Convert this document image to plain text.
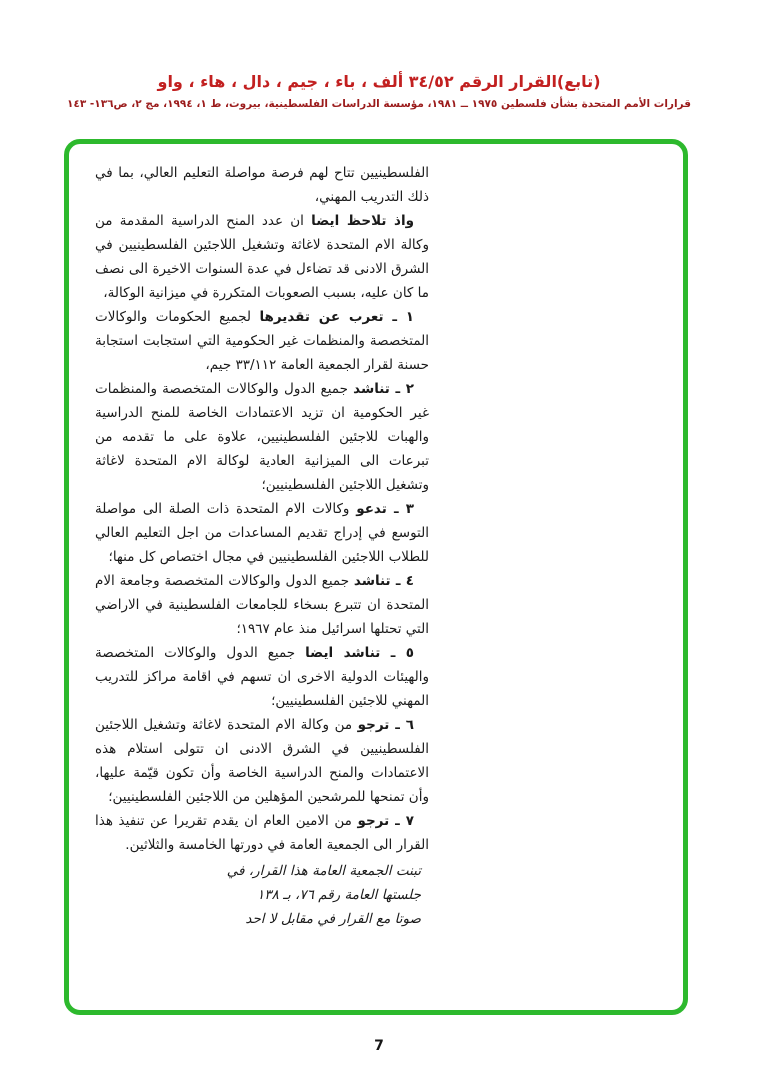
(تابع)القرار الرقم ٣٤/٥٢ ألف ، باء ، جيم ، دال ، هاء ، واو
قرارات الأمم المتحدة بشأن فلسطين ١٩٧٥ ــ ١٩٨١، مؤسسة الدراسات الفلسطينية، بيروت، ط ١، ١٩٩٤، مج ٢، ص١٣٦- ١٤٣

الفلسطينيين تتاح لهم فرصة مواصلة التعليم العالي، بما في ذلك التدريب المهني،

واذ تلاحظ ايضا ان عدد المنح الدراسية المقدمة من وكالة الام المتحدة لاغاثة وتشغيل اللاجئين الفلسطينيين في الشرق الادنى قد تضاءل في عدة السنوات الاخيرة الى نصف ما كان عليه، بسبب الصعوبات المتكررة في ميزانية الوكالة،

١ ـ تعرب عن تقديرها لجميع الحكومات والوكالات المتخصصة والمنظمات غير الحكومية التي استجابت استجابة حسنة لقرار الجمعية العامة ٣٣/١١٢ جيم،

٢ ـ تناشد جميع الدول والوكالات المتخصصة والمنظمات غير الحكومية ان تزيد الاعتمادات الخاصة للمنح الدراسية والهبات للاجئين الفلسطينيين، علاوة على ما تقدمه من تبرعات الى الميزانية العادية لوكالة الام المتحدة لاغاثة وتشغيل اللاجئين الفلسطينيين؛

٣ ـ تدعو وكالات الام المتحدة ذات الصلة الى مواصلة التوسع في إدراج تقديم المساعدات من اجل التعليم العالي للطلاب اللاجئين الفلسطينيين في مجال اختصاص كل منها؛

٤ ـ تناشد جميع الدول والوكالات المتخصصة وجامعة الام المتحدة ان تتبرع بسخاء للجامعات الفلسطينية في الاراضي التي تحتلها اسرائيل منذ عام ١٩٦٧؛

٥ ـ تناشد ايضا جميع الدول والوكالات المتخصصة والهيئات الدولية الاخرى ان تسهم في اقامة مراكز للتدريب المهني للاجئين الفلسطينيين؛

٦ ـ ترجو من وكالة الام المتحدة لاغاثة وتشغيل اللاجئين الفلسطينيين في الشرق الادنى ان تتولى استلام هذه الاعتمادات والمنح الدراسية الخاصة وأن تكون قيّمة عليها، وأن تمنحها للمرشحين المؤهلين من اللاجئين الفلسطينيين؛

٧ ـ ترجو من الامين العام ان يقدم تقريرا عن تنفيذ هذا القرار الى الجمعية العامة في دورتها الخامسة والثلاثين.

تبنت الجمعية العامة هذا القرار، في

جلستها العامة رقم ٧٦، بـ ١٣٨

صوتا مع القرار في مقابل لا احد

7
